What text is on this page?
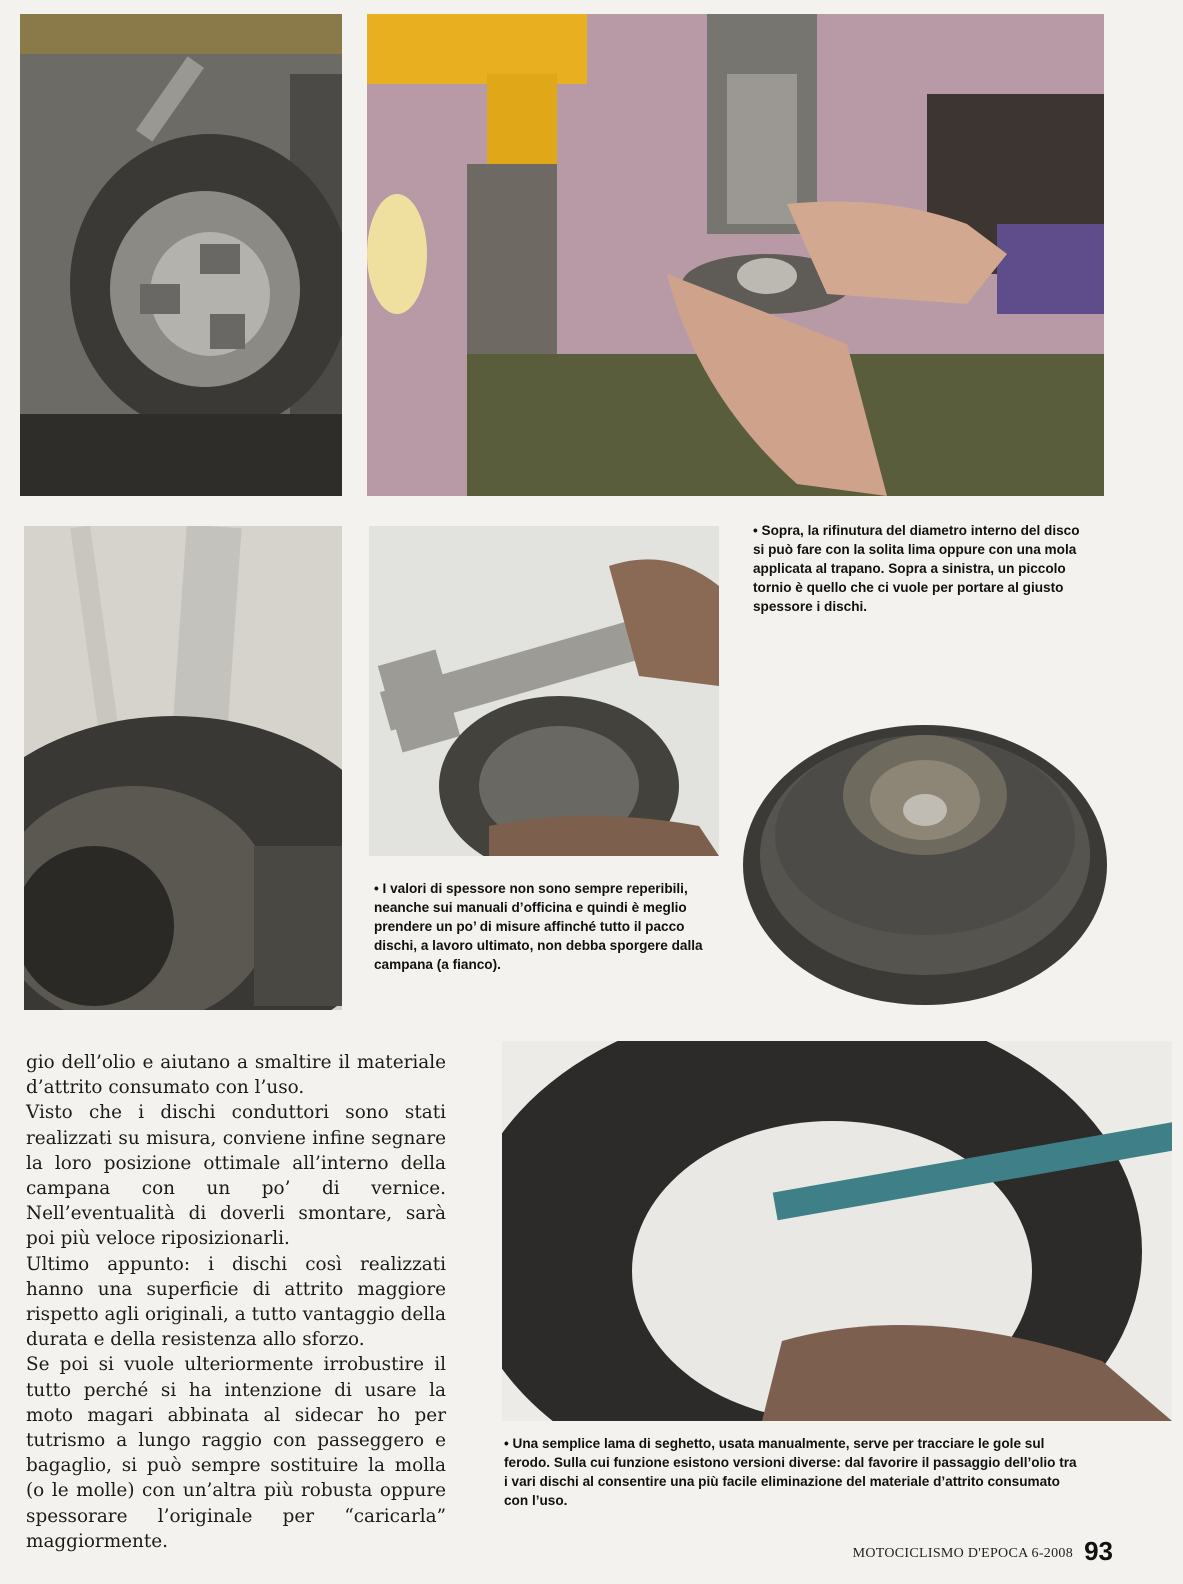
• Sopra, la rifinutura del diametro interno del disco si può fare con la solita lima oppure con una mola applicata al trapano. Sopra a sinistra, un piccolo tornio è quello che ci vuole per portare al giusto spessore i dischi.

• I valori di spessore non sono sempre reperibili, neanche sui manuali d’officina e quindi è meglio prendere un po’ di misure affinché tutto il pacco dischi, a lavoro ultimato, non debba sporgere dalla campana (a fianco).

• Una semplice lama di seghetto, usata manualmente, serve per tracciare le gole sul ferodo. Sulla cui funzione esistono versioni diverse: dal favorire il passaggio dell’olio tra i vari dischi al consentire una più facile eliminazione del materiale d’attrito consumato con l’uso.

gio dell’olio e aiutano a smaltire il materiale d’attrito consumato con l’uso.

Visto che i dischi conduttori sono stati realizzati su misura, conviene infine segnare la loro posizione ottimale all’interno della campana con un po’ di vernice. Nell’eventualità di doverli smontare, sarà poi più veloce riposizionarli.

Ultimo appunto: i dischi così realizzati hanno una superficie di attrito maggiore rispetto agli originali, a tutto vantaggio della durata e della resistenza allo sforzo.

Se poi si vuole ulteriormente irrobustire il tutto perché si ha intenzione di usare la moto magari abbinata al sidecar ho per tutrismo a lungo raggio con passeggero e bagaglio, si può sempre sostituire la molla (o le molle) con un’altra più robusta oppure spessorare l’originale per “caricarla” maggiormente.

MOTOCICLISMO D'EPOCA 6-2008 93
